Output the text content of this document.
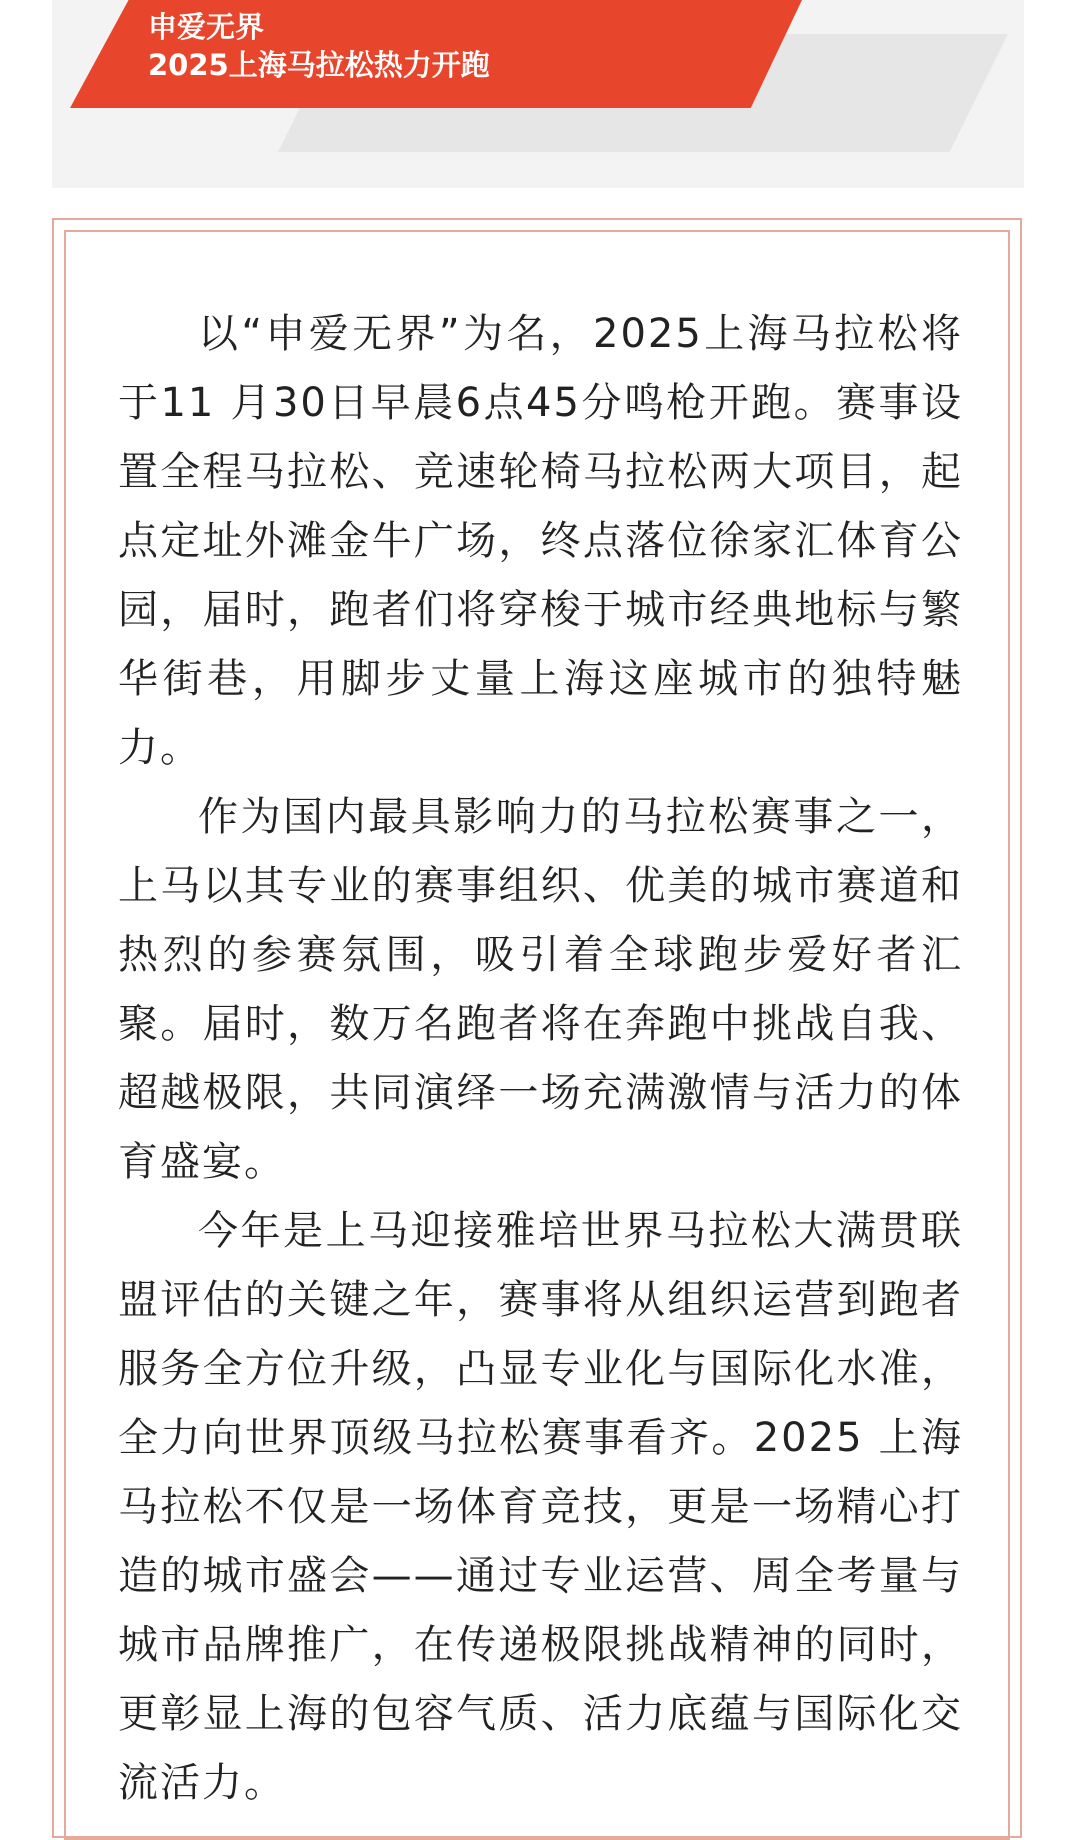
申爱无界
2025上海马拉松热力开跑

以“申爱无界”为名，2025上海马拉松将于11 月30日早晨6点45分鸣枪开跑。赛事设置全程马拉松、竞速轮椅马拉松两大项目，起点定址外滩金牛广场，终点落位徐家汇体育公园，届时，跑者们将穿梭于城市经典地标与繁华街巷，用脚步丈量上海这座城市的独特魅力。

作为国内最具影响力的马拉松赛事之一，上马以其专业的赛事组织、优美的城市赛道和热烈的参赛氛围，吸引着全球跑步爱好者汇聚。届时，数万名跑者将在奔跑中挑战自我、超越极限，共同演绎一场充满激情与活力的体育盛宴。

今年是上马迎接雅培世界马拉松大满贯联盟评估的关键之年，赛事将从组织运营到跑者服务全方位升级，凸显专业化与国际化水准，全力向世界顶级马拉松赛事看齐。2025 上海马拉松不仅是一场体育竞技，更是一场精心打造的城市盛会——通过专业运营、周全考量与城市品牌推广，在传递极限挑战精神的同时，更彰显上海的包容气质、活力底蕴与国际化交流活力。
